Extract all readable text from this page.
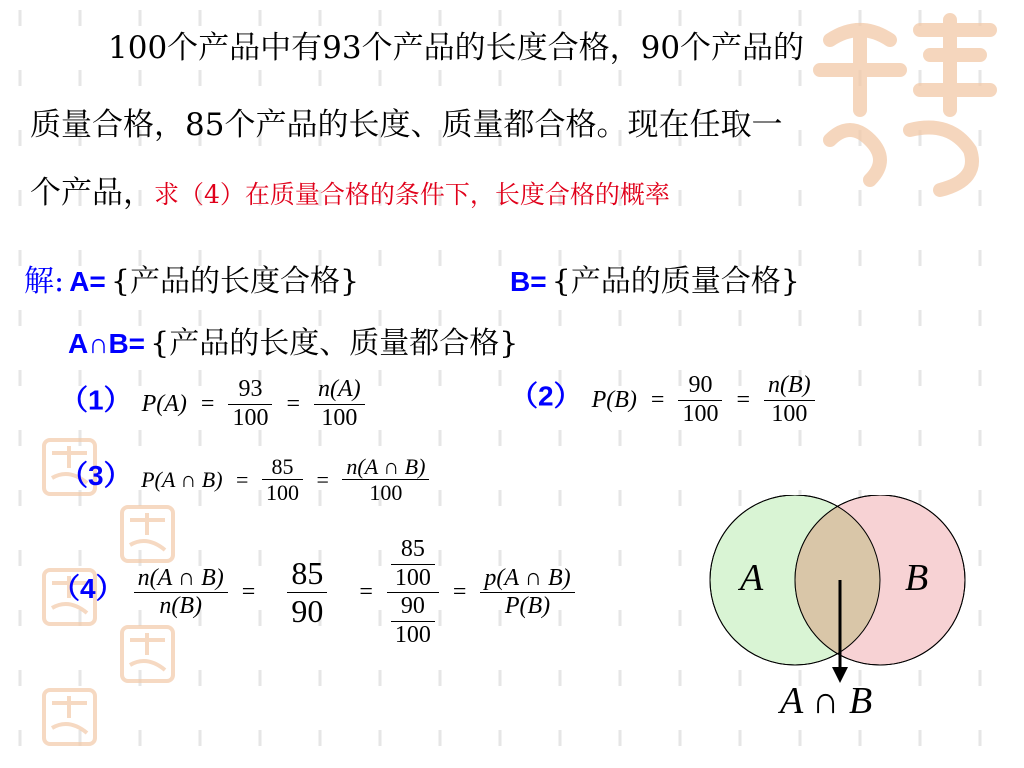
100个产品中有93个产品的长度合格，90个产品的
质量合格，85个产品的长度、质量都合格。现在任取一
个产品，求（4）在质量合格的条件下，长度合格的概率
解: A= {产品的长度合格}	B= {产品的质量合格}
A∩B= {产品的长度、质量都合格}
（1） $P(A) = \frac{93}{100} = \frac{n(A)}{100}$	（2） $P(B) = \frac{90}{100} = \frac{n(B)}{100}$
（3） P(A ∩ $B) = \frac{85}{100} = \frac{n(A \cap B)}{100}$
$(4) \frac{n(A \cap B)}{n(B)} = \frac{85}{90} = \frac{\frac{85}{100}}{\frac{90}{100}} = \frac{p(A \cap B)}{P(B)}$	A	B
A ∩ B
